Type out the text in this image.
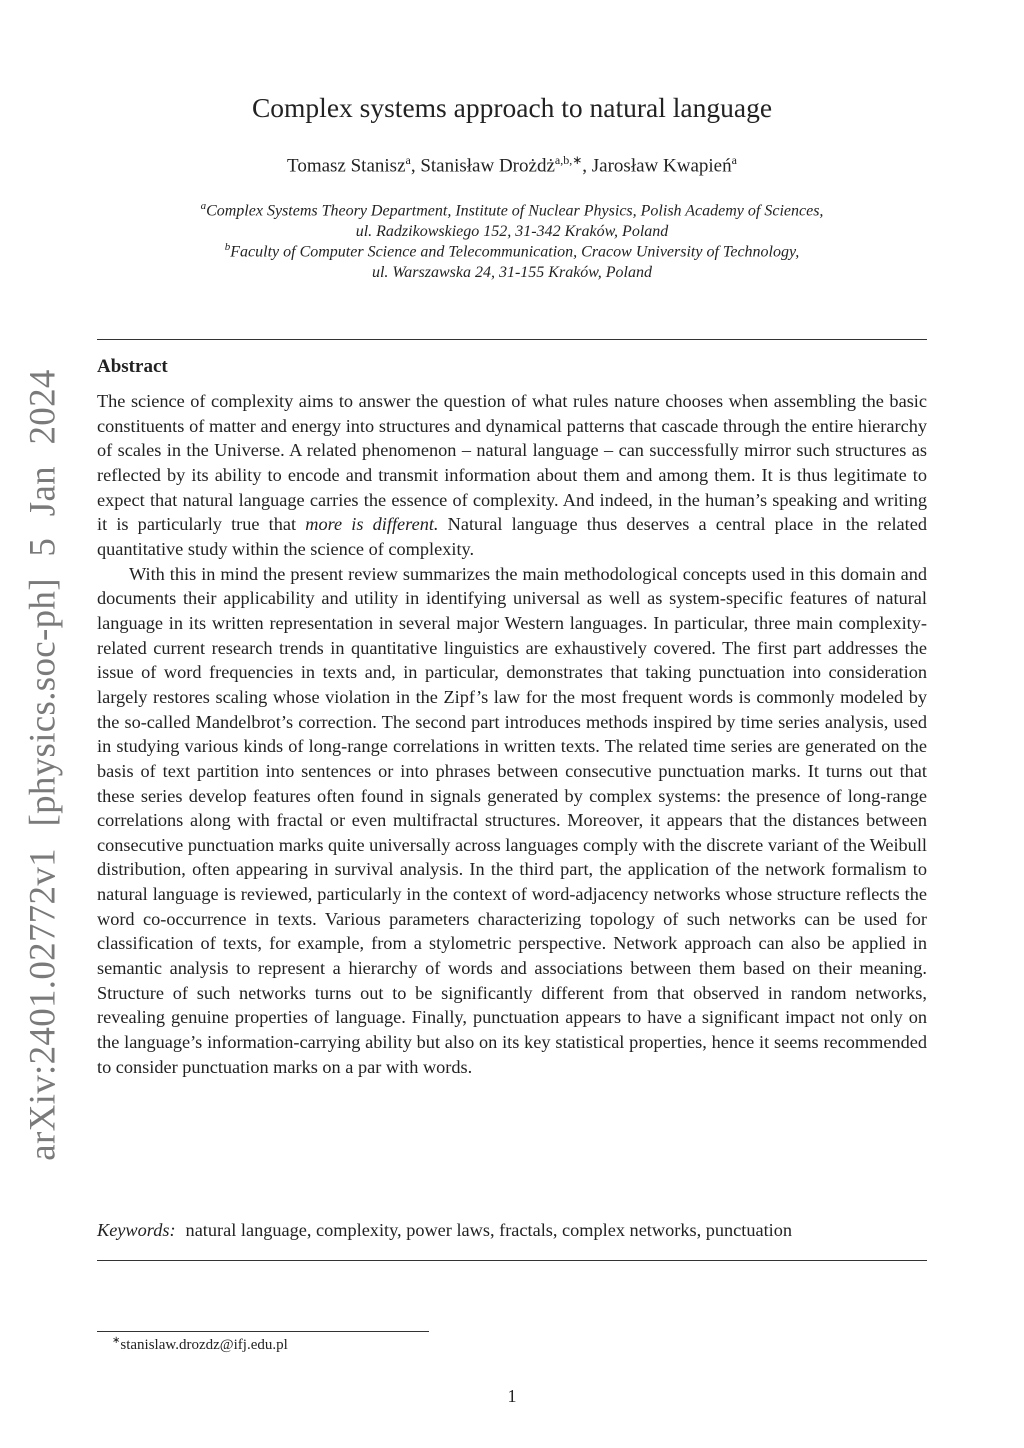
arXiv:2401.02772v1 [physics.soc-ph] 5 Jan 2024
Complex systems approach to natural language
Tomasz Stanisz$^a$, Stanisław Drożdż$^{a,b,∗}$, Jarosław Kwapień$^a$
$^a$Complex Systems Theory Department, Institute of Nuclear Physics, Polish Academy of Sciences,
ul. Radzikowskiego 152, 31-342 Kraków, Poland
$^b$Faculty of Computer Science and Telecommunication, Cracow University of Technology,
ul. Warszawska 24, 31-155 Kraków, Poland
Abstract

The science of complexity aims to answer the question of what rules nature chooses when assembling the basic constituents of matter and energy into structures and dynamical patterns that cascade through the entire hierarchy of scales in the Universe. A related phenomenon – natural language – can successfully mirror such structures as reflected by its ability to encode and transmit information about them and among them. It is thus legitimate to expect that natural language carries the essence of complexity. And indeed, in the human’s speaking and writing it is particularly true that more is different. Natural language thus deserves a central place in the related quantitative study within the science of complexity.

With this in mind the present review summarizes the main methodological concepts used in this domain and documents their applicability and utility in identifying universal as well as system-specific features of natural language in its written representation in several major Western languages. In particular, three main complexity-related current research trends in quantitative linguistics are exhaustively covered. The first part addresses the issue of word frequencies in texts and, in particular, demonstrates that taking punctuation into consideration largely restores scaling whose violation in the Zipf’s law for the most frequent words is commonly modeled by the so-called Mandelbrot’s correction. The second part introduces methods inspired by time series analysis, used in studying various kinds of long-range correlations in written texts. The related time series are generated on the basis of text partition into sentences or into phrases between consecutive punctuation marks. It turns out that these series develop features often found in signals generated by complex systems: the presence of long-range correlations along with fractal or even multifractal structures. Moreover, it appears that the distances between consecutive punctuation marks quite universally across languages comply with the discrete variant of the Weibull distribution, often appearing in survival analysis. In the third part, the application of the network formalism to natural language is reviewed, particularly in the context of word-adjacency networks whose structure reflects the word co-occurrence in texts. Various parameters characterizing topology of such networks can be used for classification of texts, for example, from a stylometric perspective. Network approach can also be applied in semantic analysis to represent a hierarchy of words and associations between them based on their meaning. Structure of such networks turns out to be significantly different from that observed in random networks, revealing genuine properties of language. Finally, punctuation appears to have a significant impact not only on the language’s information-carrying ability but also on its key statistical properties, hence it seems recommended to consider punctuation marks on a par with words.

Keywords: natural language, complexity, power laws, fractals, complex networks, punctuation
∗stanislaw.drozdz@ifj.edu.pl
1
